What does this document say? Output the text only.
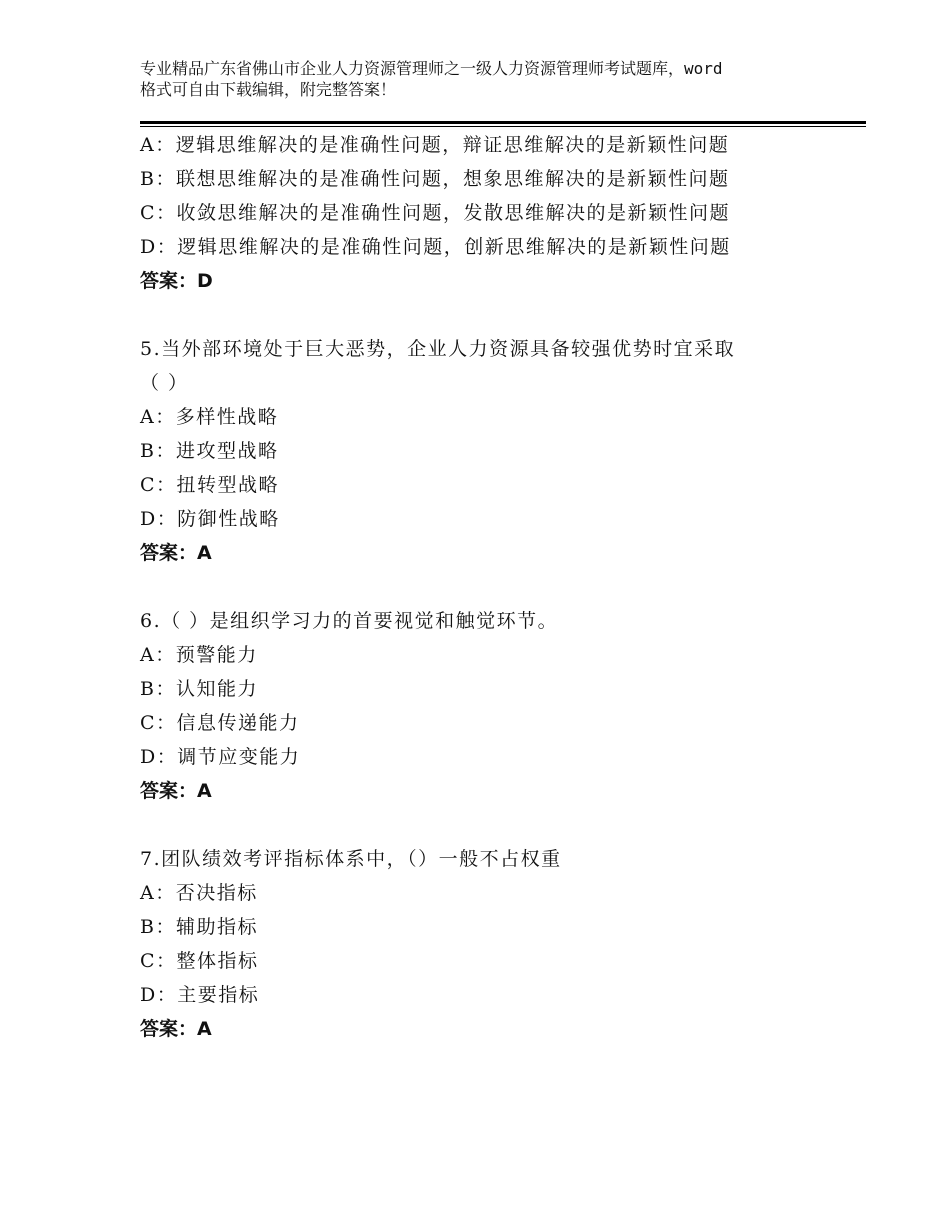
专业精品广东省佛山市企业人力资源管理师之一级人力资源管理师考试题库，word
格式可自由下载编辑，附完整答案！
A：逻辑思维解决的是准确性问题，辩证思维解决的是新颖性问题
B：联想思维解决的是准确性问题，想象思维解决的是新颖性问题
C：收敛思维解决的是准确性问题，发散思维解决的是新颖性问题
D：逻辑思维解决的是准确性问题，创新思维解决的是新颖性问题
答案：D
5.当外部环境处于巨大恶势，企业人力资源具备较强优势时宜采取
（ ）
A：多样性战略
B：进攻型战略
C：扭转型战略
D：防御性战略
答案：A
6.（ ）是组织学习力的首要视觉和触觉环节。
A：预警能力
B：认知能力
C：信息传递能力
D：调节应变能力
答案：A
7.团队绩效考评指标体系中，（）一般不占权重
A：否决指标
B：辅助指标
C：整体指标
D：主要指标
答案：A
